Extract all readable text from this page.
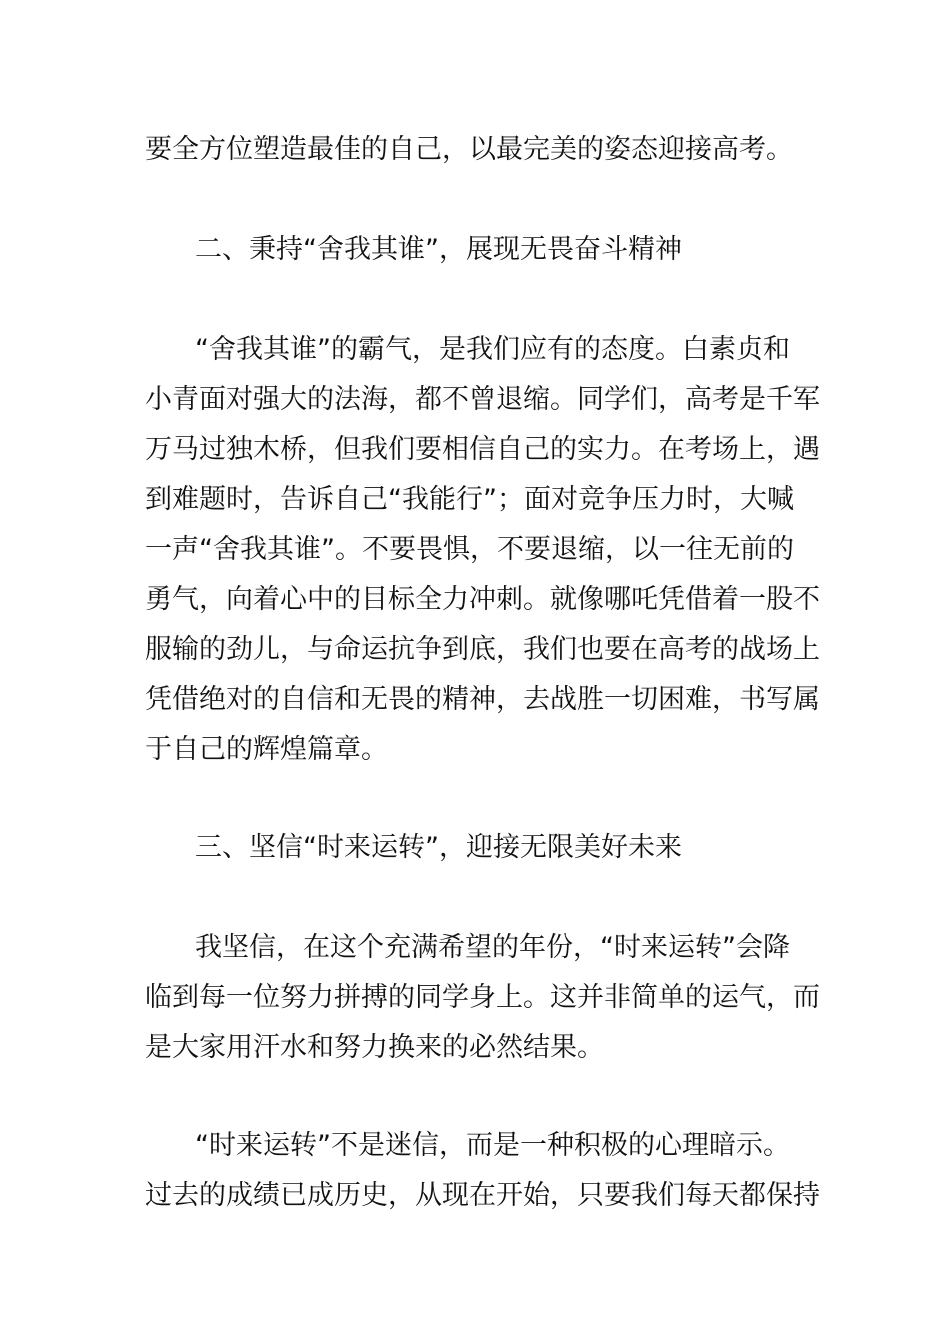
要全方位塑造最佳的自己，以最完美的姿态迎接高考。
二、秉持“舍我其谁”，展现无畏奋斗精神
“舍我其谁”的霸气，是我们应有的态度。白素贞和
小青面对强大的法海，都不曾退缩。同学们，高考是千军
万马过独木桥，但我们要相信自己的实力。在考场上，遇
到难题时，告诉自己“我能行”；面对竞争压力时，大喊
一声“舍我其谁”。不要畏惧，不要退缩，以一往无前的
勇气，向着心中的目标全力冲刺。就像哪吒凭借着一股不
服输的劲儿，与命运抗争到底，我们也要在高考的战场上
凭借绝对的自信和无畏的精神，去战胜一切困难，书写属
于自己的辉煌篇章。
三、坚信“时来运转”，迎接无限美好未来
我坚信，在这个充满希望的年份，“时来运转”会降
临到每一位努力拼搏的同学身上。这并非简单的运气，而
是大家用汗水和努力换来的必然结果。
“时来运转”不是迷信，而是一种积极的心理暗示。
过去的成绩已成历史，从现在开始，只要我们每天都保持
